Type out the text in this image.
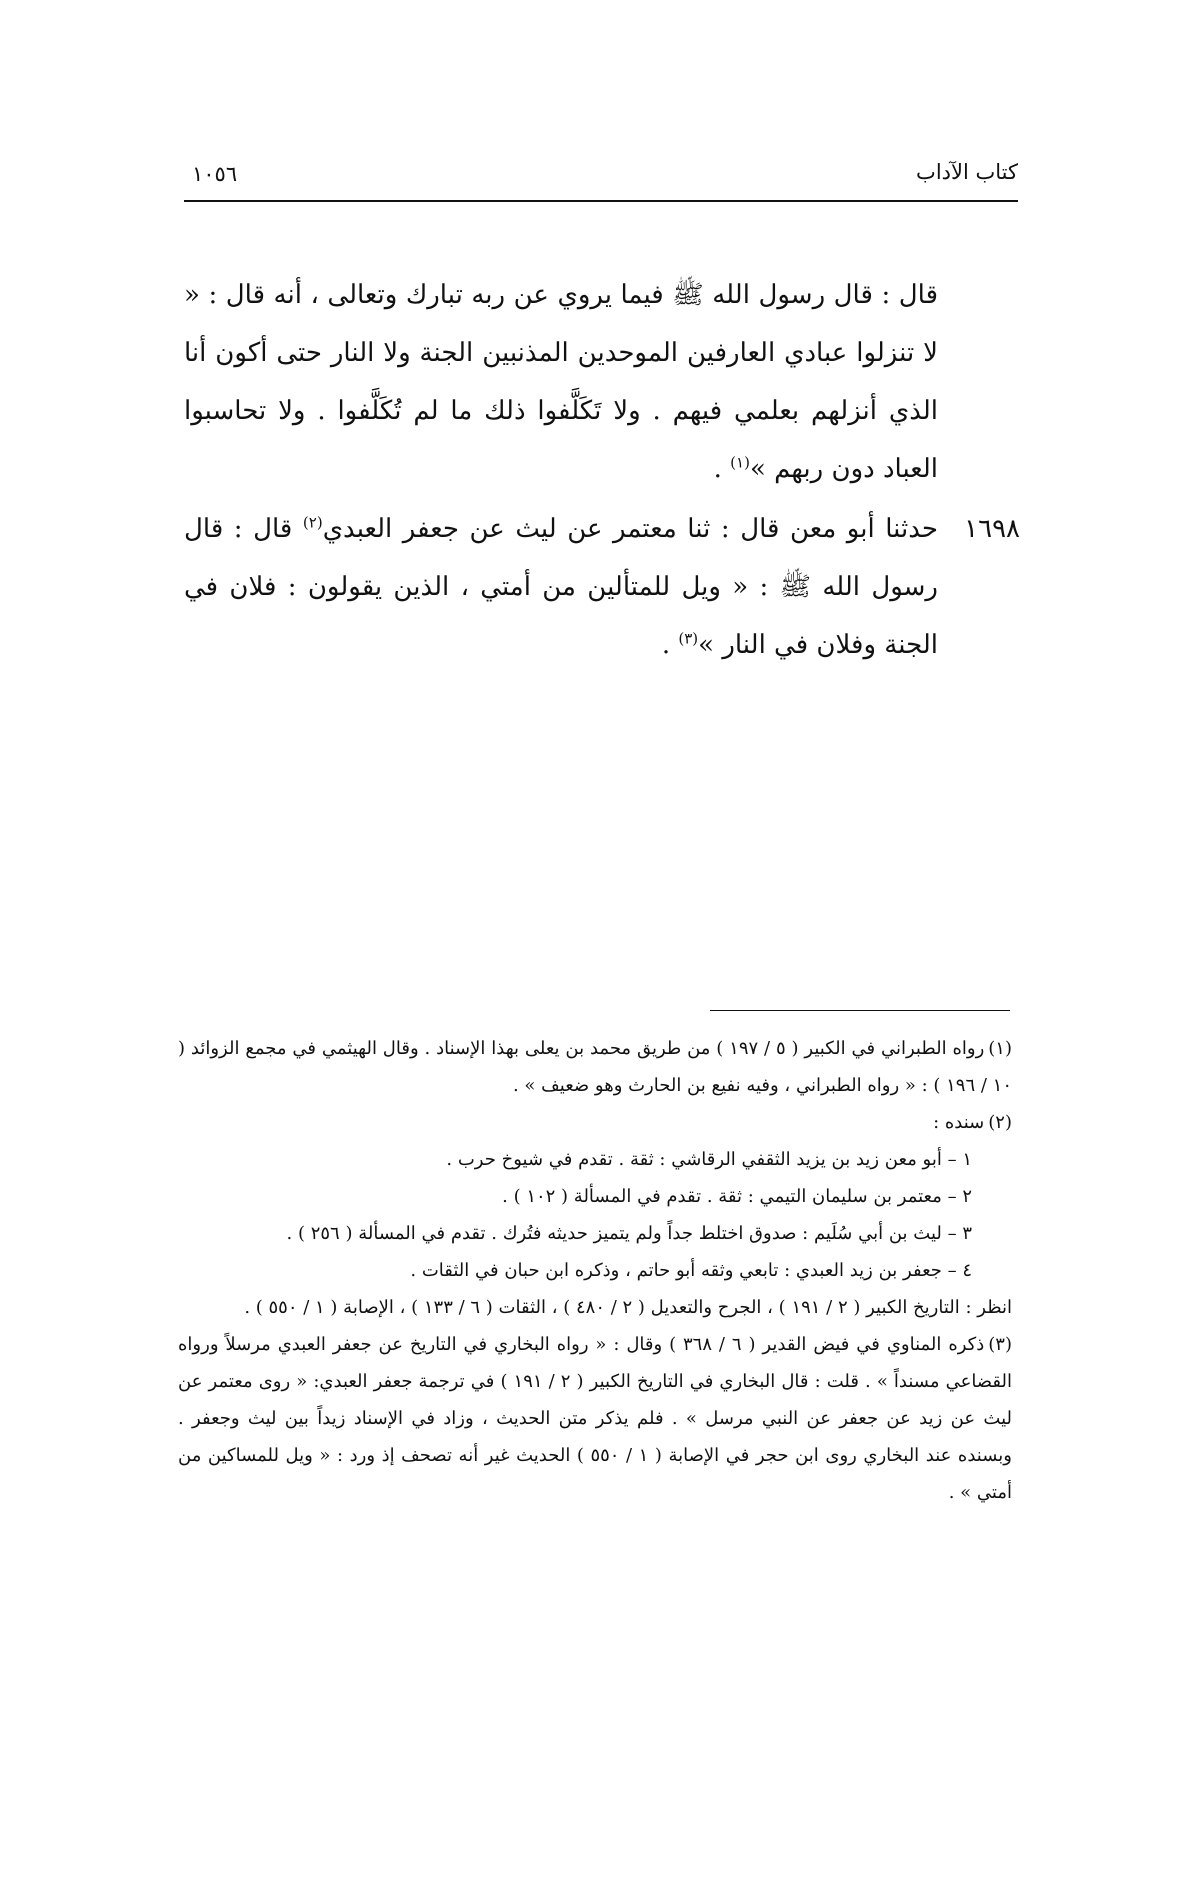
كتاب الآداب
١٠٥٦

قال : قال رسول الله ﷺ فيما يروي عن ربه تبارك وتعالى ، أنه قال : « لا تنزلوا عبادي العارفين الموحدين المذنبين الجنة ولا النار حتى أكون أنا الذي أنزلهم بعلمي فيهم . ولا تَكَلَّفوا ذلك ما لم تُكَلَّفوا . ولا تحاسبوا العباد دون ربهم »$^{(١)}$ .

١٦٩٨

حدثنا أبو معن قال : ثنا معتمر عن ليث عن جعفر العبدي$^{(٢)}$ قال : قال رسول الله ﷺ : « ويل للمتألين من أمتي ، الذين يقولون : فلان في الجنة وفلان في النار »$^{(٣)}$ .

(١)رواه الطبراني في الكبير ( ٥ / ١٩٧ ) من طريق محمد بن يعلى بهذا الإسناد . وقال الهيثمي في مجمع الزوائد ( ١٠ / ١٩٦ ) : « رواه الطبراني ، وفيه نفيع بن الحارث وهو ضعيف » .

(٢)سنده :

١ – أبو معن زيد بن يزيد الثقفي الرقاشي : ثقة . تقدم في شيوخ حرب .

٢ – معتمر بن سليمان التيمي : ثقة . تقدم في المسألة ( ١٠٢ ) .

٣ – ليث بن أبي سُلَيم : صدوق اختلط جداً ولم يتميز حديثه فتُرك . تقدم في المسألة ( ٢٥٦ ) .

٤ – جعفر بن زيد العبدي : تابعي وثقه أبو حاتم ، وذكره ابن حبان في الثقات .

انظر : التاريخ الكبير ( ٢ / ١٩١ ) ، الجرح والتعديل ( ٢ / ٤٨٠ ) ، الثقات ( ٦ / ١٣٣ ) ، الإصابة ( ١ / ٥٥٠ ) .

(٣)ذكره المناوي في فيض القدير ( ٦ / ٣٦٨ ) وقال : « رواه البخاري في التاريخ عن جعفر العبدي مرسلاً ورواه القضاعي مسنداً » . قلت : قال البخاري في التاريخ الكبير ( ٢ / ١٩١ ) في ترجمة جعفر العبدي: « روى معتمر عن ليث عن زيد عن جعفر عن النبي مرسل » . فلم يذكر متن الحديث ، وزاد في الإسناد زيداً بين ليث وجعفر . وبسنده عند البخاري روى ابن حجر في الإصابة ( ١ / ٥٥٠ ) الحديث غير أنه تصحف إذ ورد : « ويل للمساكين من أمتي » .
